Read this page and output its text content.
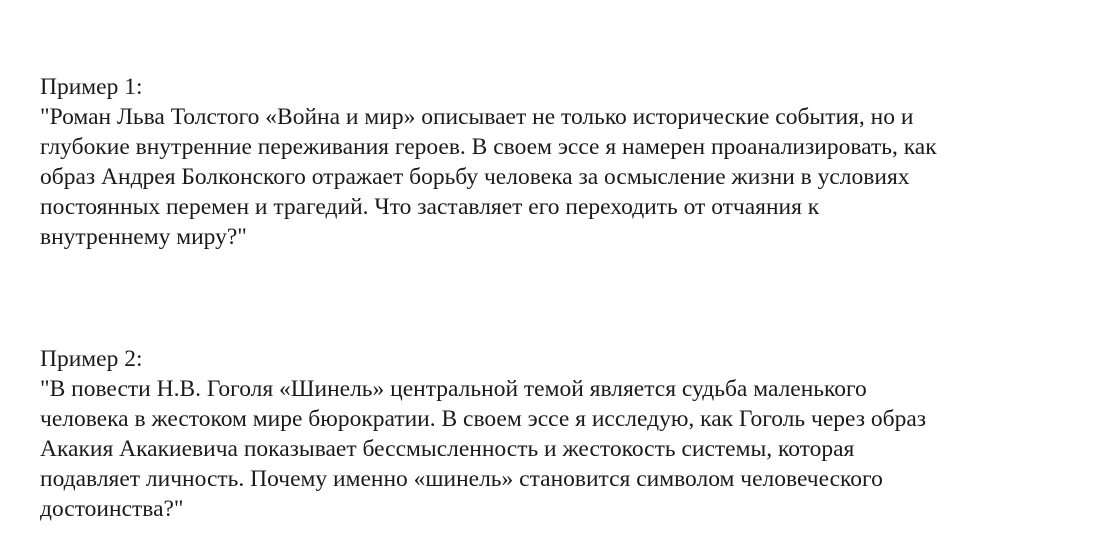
Пример 1:
"Роман Льва Толстого «Война и мир» описывает не только исторические события, но и
глубокие внутренние переживания героев. В своем эссе я намерен проанализировать, как
образ Андрея Болконского отражает борьбу человека за осмысление жизни в условиях
постоянных перемен и трагедий. Что заставляет его переходить от отчаяния к
внутреннему миру?"
Пример 2:
"В повести Н.В. Гоголя «Шинель» центральной темой является судьба маленького
человека в жестоком мире бюрократии. В своем эссе я исследую, как Гоголь через образ
Акакия Акакиевича показывает бессмысленность и жестокость системы, которая
подавляет личность. Почему именно «шинель» становится символом человеческого
достоинства?"
